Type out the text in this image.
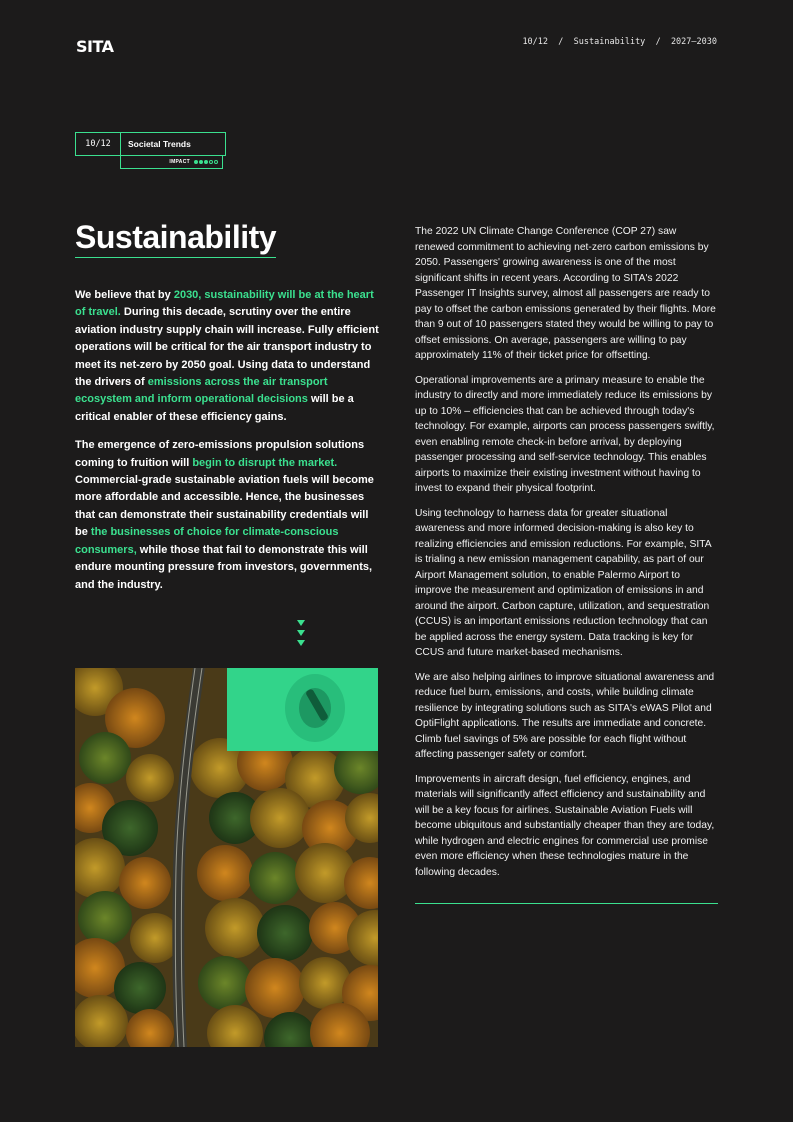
SITA	10/12 / Sustainability / 2027–2030
10/12	Societal Trends
IMPACT
Sustainability

We believe that by 2030, sustainability will be at the heart of travel. During this decade, scrutiny over the entire aviation industry supply chain will increase. Fully efficient operations will be critical for the air transport industry to meet its net-zero by 2050 goal. Using data to understand the drivers of emissions across the air transport ecosystem and inform operational decisions will be a critical enabler of these efficiency gains.

The emergence of zero-emissions propulsion solutions coming to fruition will begin to disrupt the market. Commercial-grade sustainable aviation fuels will become more affordable and accessible. Hence, the businesses that can demonstrate their sustainability credentials will be the businesses of choice for climate-conscious consumers, while those that fail to demonstrate this will endure mounting pressure from investors, governments, and the industry.

The 2022 UN Climate Change Conference (COP 27) saw renewed commitment to achieving net-zero carbon emissions by 2050. Passengers' growing awareness is one of the most significant shifts in recent years. According to SITA's 2022 Passenger IT Insights survey, almost all passengers are ready to pay to offset the carbon emissions generated by their flights. More than 9 out of 10 passengers stated they would be willing to pay to offset emissions. On average, passengers are willing to pay approximately 11% of their ticket price for offsetting.

Operational improvements are a primary measure to enable the industry to directly and more immediately reduce its emissions by up to 10% – efficiencies that can be achieved through today's technology. For example, airports can process passengers swiftly, even enabling remote check-in before arrival, by deploying passenger processing and self-service technology. This enables airports to maximize their existing investment without having to invest to expand their physical footprint.

Using technology to harness data for greater situational awareness and more informed decision-making is also key to realizing efficiencies and emission reductions. For example, SITA is trialing a new emission management capability, as part of our Airport Management solution, to enable Palermo Airport to improve the measurement and optimization of emissions in and around the airport. Carbon capture, utilization, and sequestration (CCUS) is an important emissions reduction technology that can be applied across the energy system. Data tracking is key for CCUS and future market-based mechanisms.

We are also helping airlines to improve situational awareness and reduce fuel burn, emissions, and costs, while building climate resilience by integrating solutions such as SITA's eWAS Pilot and OptiFlight applications. The results are immediate and concrete. Climb fuel savings of 5% are possible for each flight without affecting passenger safety or comfort.

Improvements in aircraft design, fuel efficiency, engines, and materials will significantly affect efficiency and sustainability and will be a key focus for airlines. Sustainable Aviation Fuels will become ubiquitous and substantially cheaper than they are today, while hydrogen and electric engines for commercial use promise even more efficiency when these technologies mature in the following decades.
